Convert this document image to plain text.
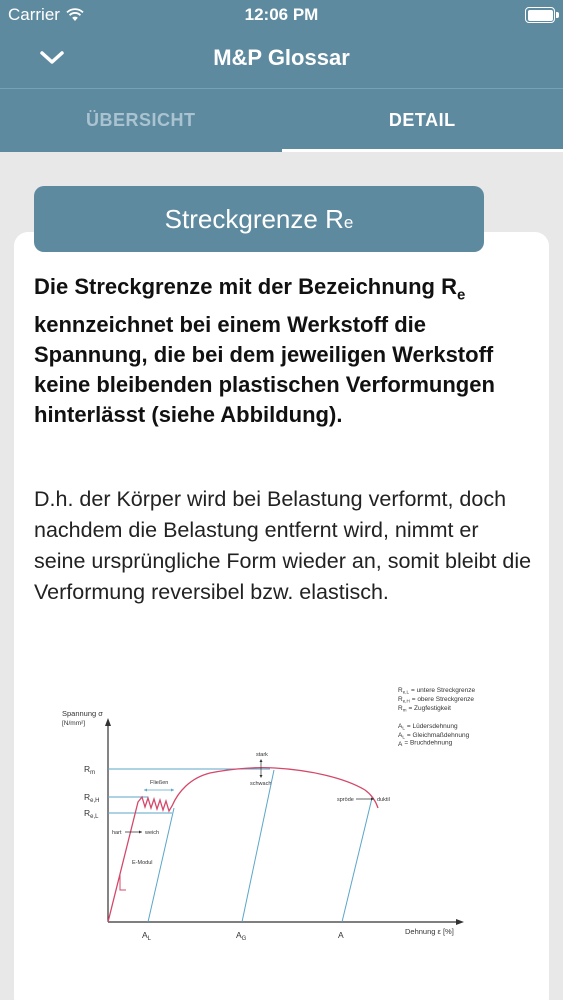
Carrier	12:06 PM
M&P Glossar
ÜBERSICHT	DETAIL
Streckgrenze $R_e$
Die Streckgrenze mit der Bezeichnung $R_e$ kennzeichnet bei einem Werkstoff die Spannung, die bei dem jeweiligen Werkstoff keine bleibenden plastischen Verformungen hinterlässt (siehe Abbildung).
D.h. der Körper wird bei Belastung verformt, doch nachdem die Belastung entfernt wird, nimmt er seine ursprüngliche Form wieder an, somit bleibt die Verformung reversibel bzw. elastisch.
Spannung σ
[N/mm²]
Dehnung ε [%]
$R_m$
$R_{e,H}$
$R_{e,L}$
$A_L$	$A_G$	A
Fließen
hart	weich
E-Modul
stark
schwach
spröde	duktil
$R_{e,L}$ = untere Streckgrenze
$R_{e,H}$ = obere Streckgrenze
$R_m$ = Zugfestigkeit
$A_L$ = Lüdersdehnung
$A_L$ = Gleichmaßdehnung
A = Bruchdehnung
